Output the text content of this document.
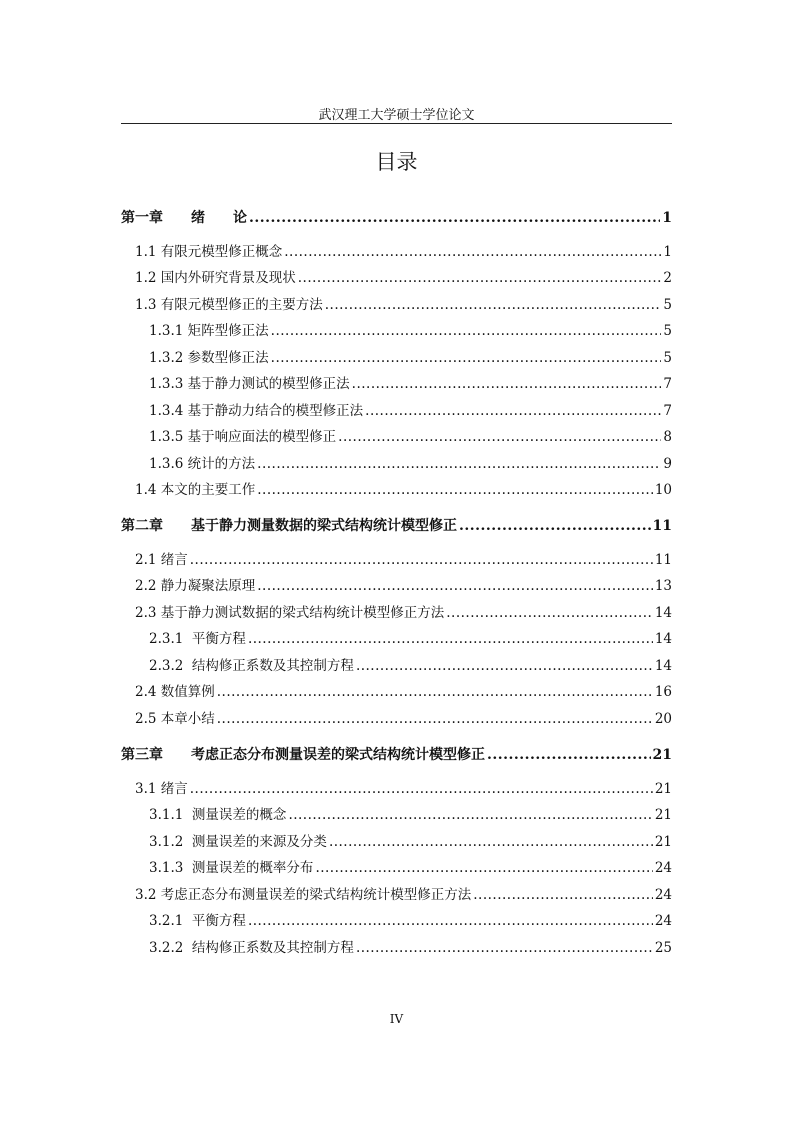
武汉理工大学硕士学位论文
目录
第一章　　绪　　论 .....	1
1.1 有限元模型修正概念 .....	1
1.2 国内外研究背景及现状 .....	2
1.3 有限元模型修正的主要方法 .....	5
1.3.1 矩阵型修正法 .....	5
1.3.2 参数型修正法 .....	5
1.3.3 基于静力测试的模型修正法 .....	7
1.3.4 基于静动力结合的模型修正法 .....	7
1.3.5 基于响应面法的模型修正 .....	8
1.3.6 统计的方法 .....	9
1.4 本文的主要工作 .....	10
第二章　　基于静力测量数据的梁式结构统计模型修正 .....	11
2.1 绪言 .....	11
2.2 静力凝聚法原理 .....	13
2.3 基于静力测试数据的梁式结构统计模型修正方法 .....	14
2.3.1  平衡方程 .....	14
2.3.2  结构修正系数及其控制方程 .....	14
2.4 数值算例 .....	16
2.5 本章小结 .....	20
第三章　　考虑正态分布测量误差的梁式结构统计模型修正 .....	21
3.1 绪言 .....	21
3.1.1  测量误差的概念 .....	21
3.1.2  测量误差的来源及分类 .....	21
3.1.3  测量误差的概率分布 .....	24
3.2 考虑正态分布测量误差的梁式结构统计模型修正方法 .....	24
3.2.1  平衡方程 .....	24
3.2.2  结构修正系数及其控制方程 .....	25
IV
